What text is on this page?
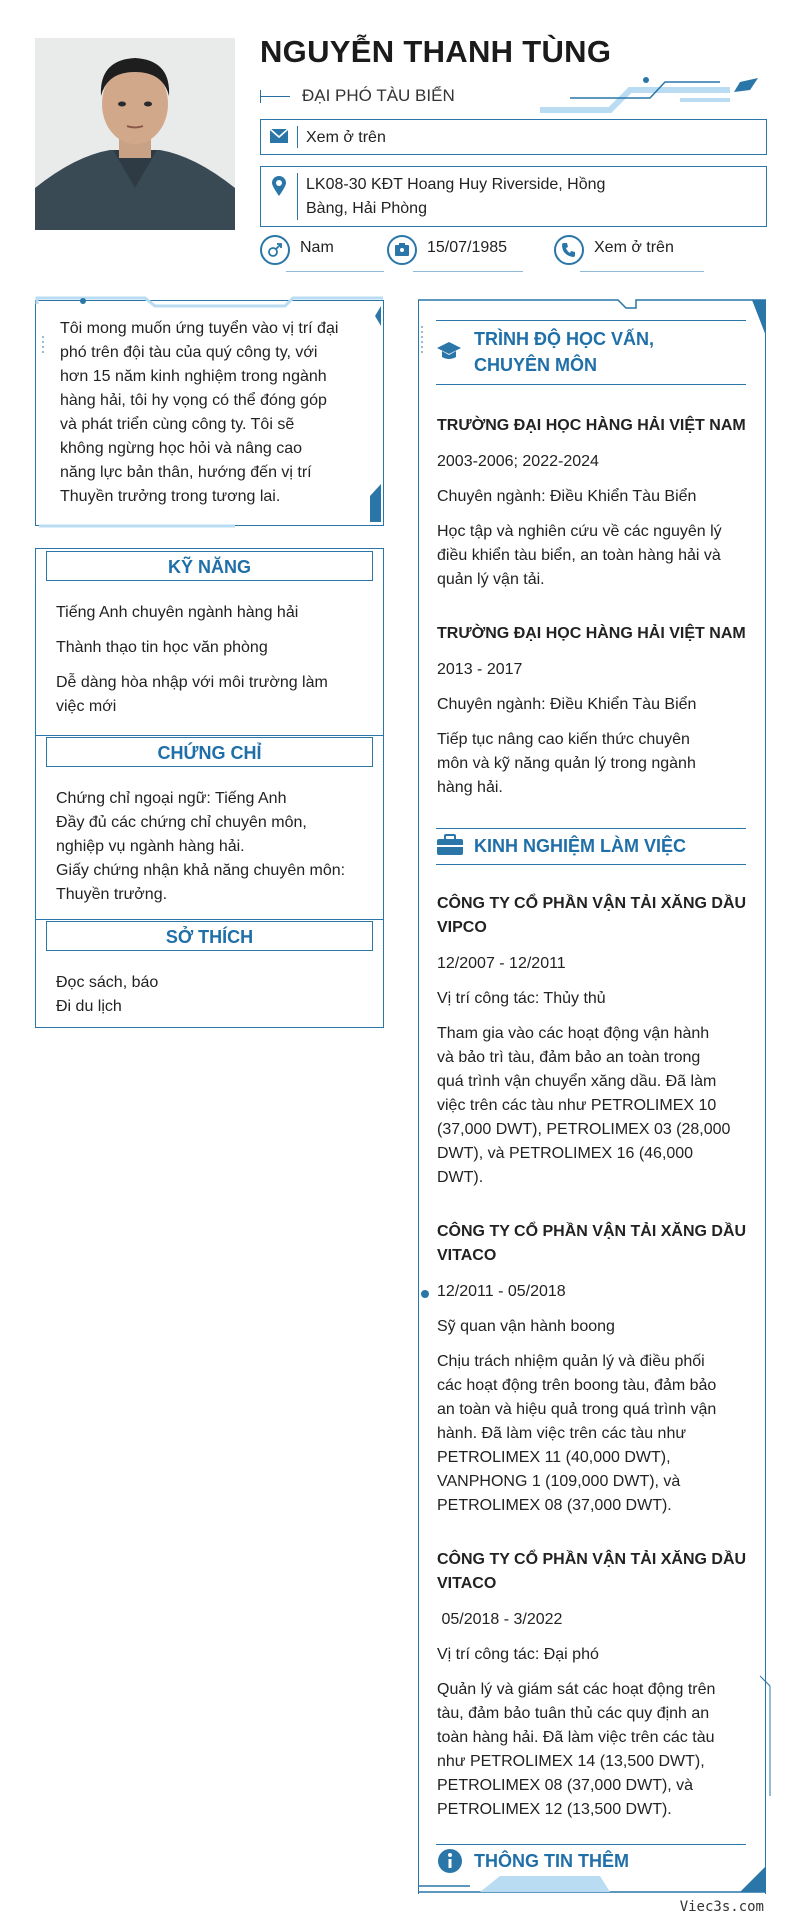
NGUYỄN THANH TÙNG
ĐẠI PHÓ TÀU BIỂN
Xem ở trên
LK08-30 KĐT Hoang Huy Riverside, Hồng
Bàng, Hải Phòng
Nam	15/07/1985	Xem ở trên
Tôi mong muốn ứng tuyển vào vị trí đại
phó trên đội tàu của quý công ty, với
hơn 15 năm kinh nghiệm trong ngành
hàng hải, tôi hy vọng có thể đóng góp
và phát triển cùng công ty. Tôi sẽ
không ngừng học hỏi và nâng cao
năng lực bản thân, hướng đến vị trí
Thuyền trưởng trong tương lai.
KỸ NĂNG
Tiếng Anh chuyên ngành hàng hải
Thành thạo tin học văn phòng
Dễ dàng hòa nhập với môi trường làm
việc mới
CHỨNG CHỈ
Chứng chỉ ngoại ngữ: Tiếng Anh
Đầy đủ các chứng chỉ chuyên môn,
nghiệp vụ ngành hàng hải.
Giấy chứng nhận khả năng chuyên môn:
Thuyền trưởng.
SỞ THÍCH
Đọc sách, báo
Đi du lịch
TRÌNH ĐỘ HỌC VẤN,
CHUYÊN MÔN
TRƯỜNG ĐẠI HỌC HÀNG HẢI VIỆT NAM
2003-2006; 2022-2024
Chuyên ngành: Điều Khiển Tàu Biển
Học tập và nghiên cứu về các nguyên lý
điều khiển tàu biển, an toàn hàng hải và
quản lý vận tải.
TRƯỜNG ĐẠI HỌC HÀNG HẢI VIỆT NAM
2013 - 2017
Chuyên ngành: Điều Khiển Tàu Biển
Tiếp tục nâng cao kiến thức chuyên
môn và kỹ năng quản lý trong ngành
hàng hải.
KINH NGHIỆM LÀM VIỆC
CÔNG TY CỔ PHẦN VẬN TẢI XĂNG DẦU
VIPCO
12/2007 - 12/2011
Vị trí công tác: Thủy thủ
Tham gia vào các hoạt động vận hành
và bảo trì tàu, đảm bảo an toàn trong
quá trình vận chuyển xăng dầu. Đã làm
việc trên các tàu như PETROLIMEX 10
(37,000 DWT), PETROLIMEX 03 (28,000
DWT), và PETROLIMEX 16 (46,000
DWT).
CÔNG TY CỔ PHẦN VẬN TẢI XĂNG DẦU
VITACO
12/2011 - 05/2018
Sỹ quan vận hành boong
Chịu trách nhiệm quản lý và điều phối
các hoạt động trên boong tàu, đảm bảo
an toàn và hiệu quả trong quá trình vận
hành. Đã làm việc trên các tàu như
PETROLIMEX 11 (40,000 DWT),
VANPHONG 1 (109,000 DWT), và
PETROLIMEX 08 (37,000 DWT).
CÔNG TY CỔ PHẦN VẬN TẢI XĂNG DẦU
VITACO
05/2018 - 3/2022
Vị trí công tác: Đại phó
Quản lý và giám sát các hoạt động trên
tàu, đảm bảo tuân thủ các quy định an
toàn hàng hải. Đã làm việc trên các tàu
như PETROLIMEX 14 (13,500 DWT),
PETROLIMEX 08 (37,000 DWT), và
PETROLIMEX 12 (13,500 DWT).
THÔNG TIN THÊM
Viec3s.com
